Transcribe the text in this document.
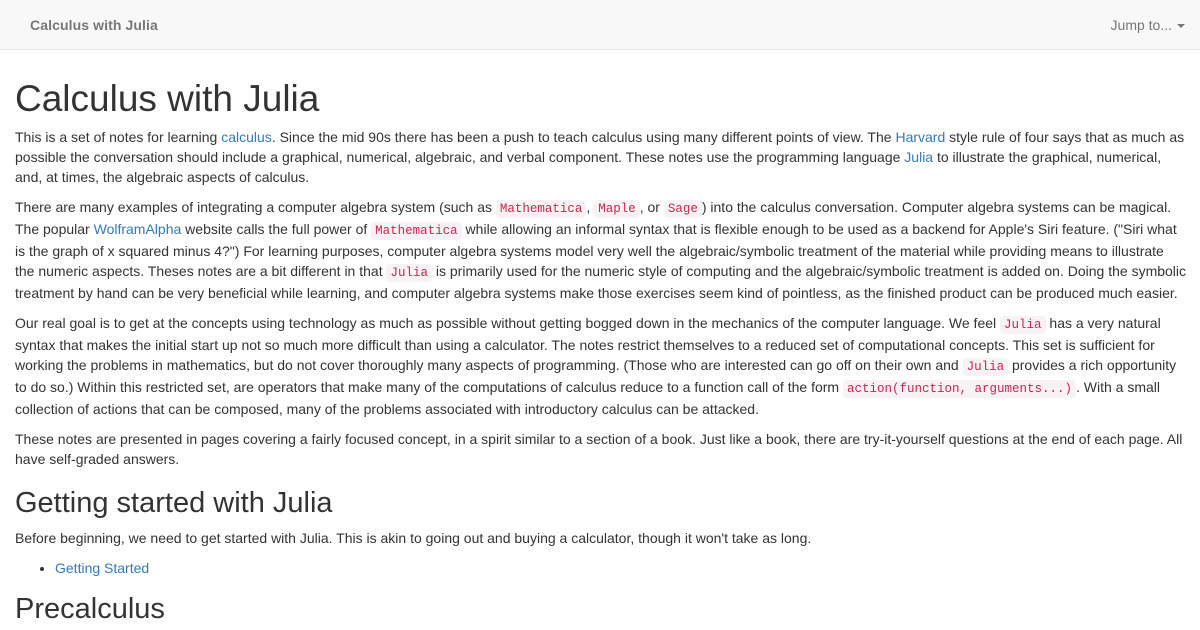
Calculus with Julia	Jump to...
Calculus with Julia

This is a set of notes for learning calculus. Since the mid 90s there has been a push to teach calculus using many different points of view. The Harvard style rule of four says that as much as possible the conversation should include a graphical, numerical, algebraic, and verbal component. These notes use the programming language Julia to illustrate the graphical, numerical, and, at times, the algebraic aspects of calculus.

There are many examples of integrating a computer algebra system (such as Mathematica , Maple , or Sage ) into the calculus conversation. Computer algebra systems can be magical. The popular WolframAlpha website calls the full power of Mathematica while allowing an informal syntax that is flexible enough to be used as a backend for Apple's Siri feature. ("Siri what is the graph of x squared minus 4?") For learning purposes, computer algebra systems model very well the algebraic/symbolic treatment of the material while providing means to illustrate the numeric aspects. Theses notes are a bit different in that Julia is primarily used for the numeric style of computing and the algebraic/symbolic treatment is added on. Doing the symbolic treatment by hand can be very beneficial while learning, and computer algebra systems make those exercises seem kind of pointless, as the finished product can be produced much easier.

Our real goal is to get at the concepts using technology as much as possible without getting bogged down in the mechanics of the computer language. We feel Julia has a very natural syntax that makes the initial start up not so much more difficult than using a calculator. The notes restrict themselves to a reduced set of computational concepts. This set is sufficient for working the problems in mathematics, but do not cover thoroughly many aspects of programming. (Those who are interested can go off on their own and Julia provides a rich opportunity to do so.) Within this restricted set, are operators that make many of the computations of calculus reduce to a function call of the form action(function, arguments...) . With a small collection of actions that can be composed, many of the problems associated with introductory calculus can be attacked.

These notes are presented in pages covering a fairly focused concept, in a spirit similar to a section of a book. Just like a book, there are try-it-yourself questions at the end of each page. All have self-graded answers.

Getting started with Julia

Before beginning, we need to get started with Julia. This is akin to going out and buying a calculator, though it won't take as long.

• Getting Started
Precalculus
